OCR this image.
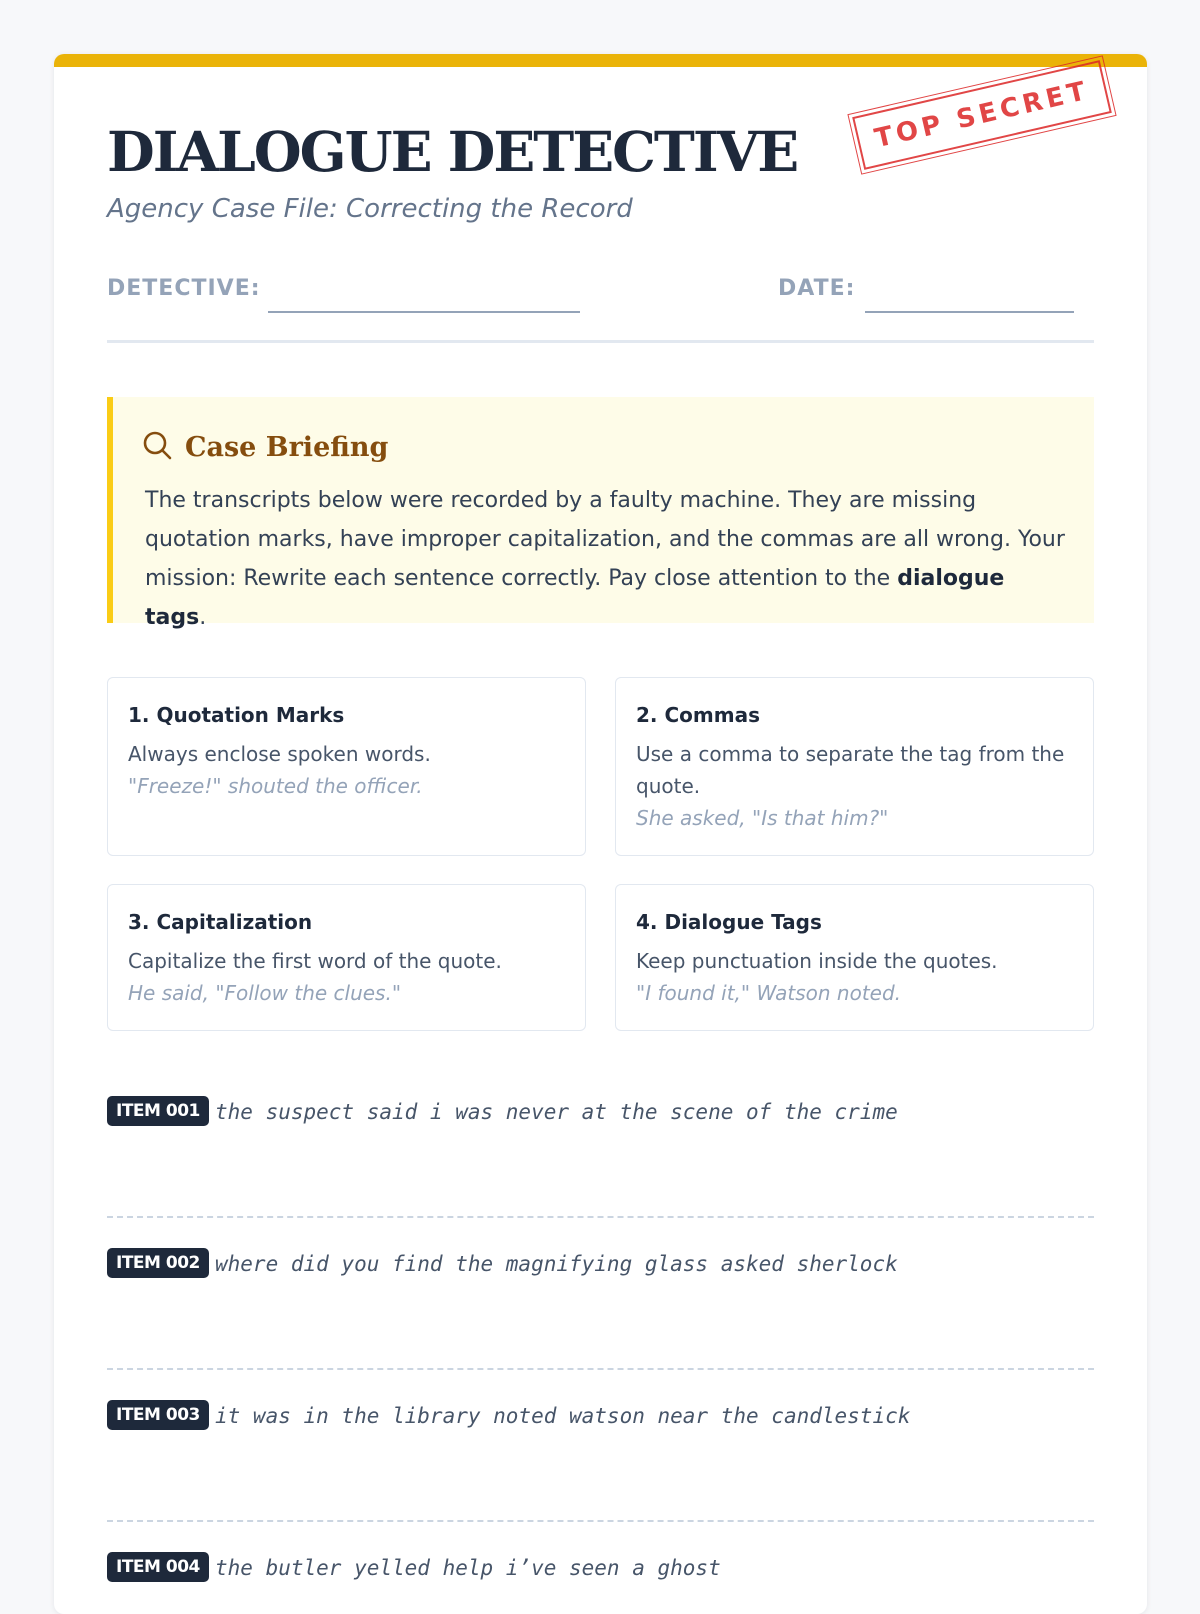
DIALOGUE DETECTIVE

Agency Case File: Correcting the Record

TOP SECRET
DETECTIVE:	DATE:
Case Briefing

The transcripts below were recorded by a faulty machine. They are missing quotation marks, have improper capitalization, and the commas are all wrong. Your mission: Rewrite each sentence correctly. Pay close attention to the dialogue tags.

1. Quotation Marks
Always enclose spoken words.
"Freeze!" shouted the officer.
2. Commas
Use a comma to separate the tag from the quote.
She asked, "Is that him?"
3. Capitalization
Capitalize the first word of the quote.
He said, "Follow the clues."
4. Dialogue Tags
Keep punctuation inside the quotes.
"I found it," Watson noted.
ITEM 001 the suspect said i was never at the scene of the crime
ITEM 002 where did you find the magnifying glass asked sherlock
ITEM 003 it was in the library noted watson near the candlestick
ITEM 004 the butler yelled help i’ve seen a ghost
